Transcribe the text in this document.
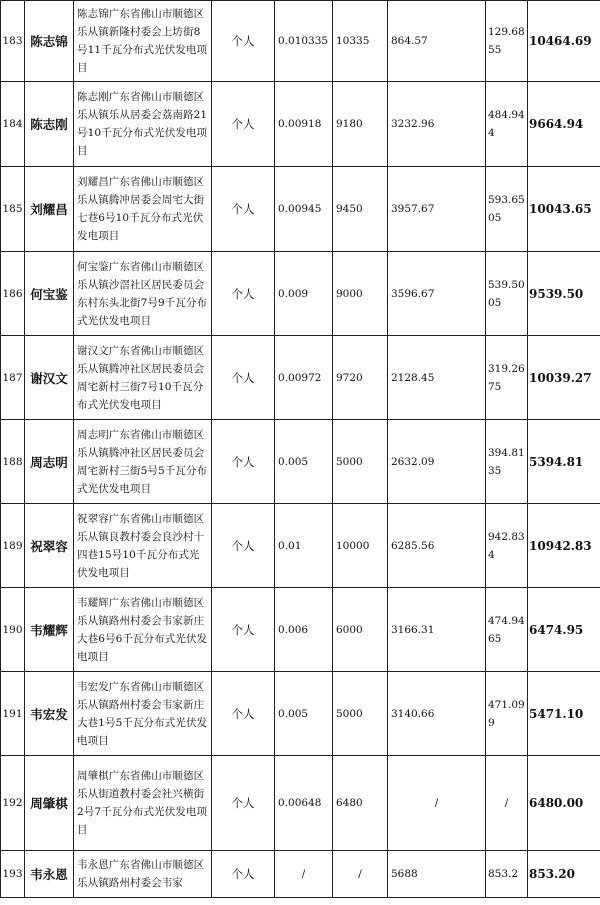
183	陈志锦	陈志锦广东省佛山市顺德区乐从镇新隆村委会上坊街8号11千瓦分布式光伏发电项目	个人	0.010335	10335	864.57	129.6855	10464.69
184	陈志刚	陈志刚广东省佛山市顺德区乐从镇乐从居委会荔南路21号10千瓦分布式光伏发电项目	个人	0.00918	9180	3232.96	484.944	9664.94
185	刘耀昌	刘耀昌广东省佛山市顺德区乐从镇腾冲居委会周宅大街七巷6号10千瓦分布式光伏发电项目	个人	0.00945	9450	3957.67	593.6505	10043.65
186	何宝鉴	何宝鉴广东省佛山市顺德区乐从镇沙滘社区居民委员会东村东头北街7号9千瓦分布式光伏发电项目	个人	0.009	9000	3596.67	539.5005	9539.50
187	谢汉文	谢汉文广东省佛山市顺德区乐从镇腾冲社区居民委员会周宅新村三街7号10千瓦分布式光伏发电项目	个人	0.00972	9720	2128.45	319.2675	10039.27
188	周志明	周志明广东省佛山市顺德区乐从镇腾冲社区居民委员会周宅新村三街5号5千瓦分布式光伏发电项目	个人	0.005	5000	2632.09	394.8135	5394.81
189	祝翠容	祝翠容广东省佛山市顺德区乐从镇良教村委会良沙村十四巷15号10千瓦分布式光伏发电项目	个人	0.01	10000	6285.56	942.834	10942.83
190	韦耀辉	韦耀辉广东省佛山市顺德区乐从镇路州村委会韦家新庄大巷6号6千瓦分布式光伏发电项目	个人	0.006	6000	3166.31	474.9465	6474.95
191	韦宏发	韦宏发广东省佛山市顺德区乐从镇路州村委会韦家新庄大巷1号5千瓦分布式光伏发电项目	个人	0.005	5000	3140.66	471.099	5471.10
192	周肇棋	周肇棋广东省佛山市顺德区乐从街道教村委会社兴横街2号7千瓦分布式光伏发电项目	个人	0.00648	6480	/	/	6480.00
193	韦永恩	韦永恩广东省佛山市顺德区乐从镇路州村委会韦家	个人	/	/	5688	853.2	853.20
